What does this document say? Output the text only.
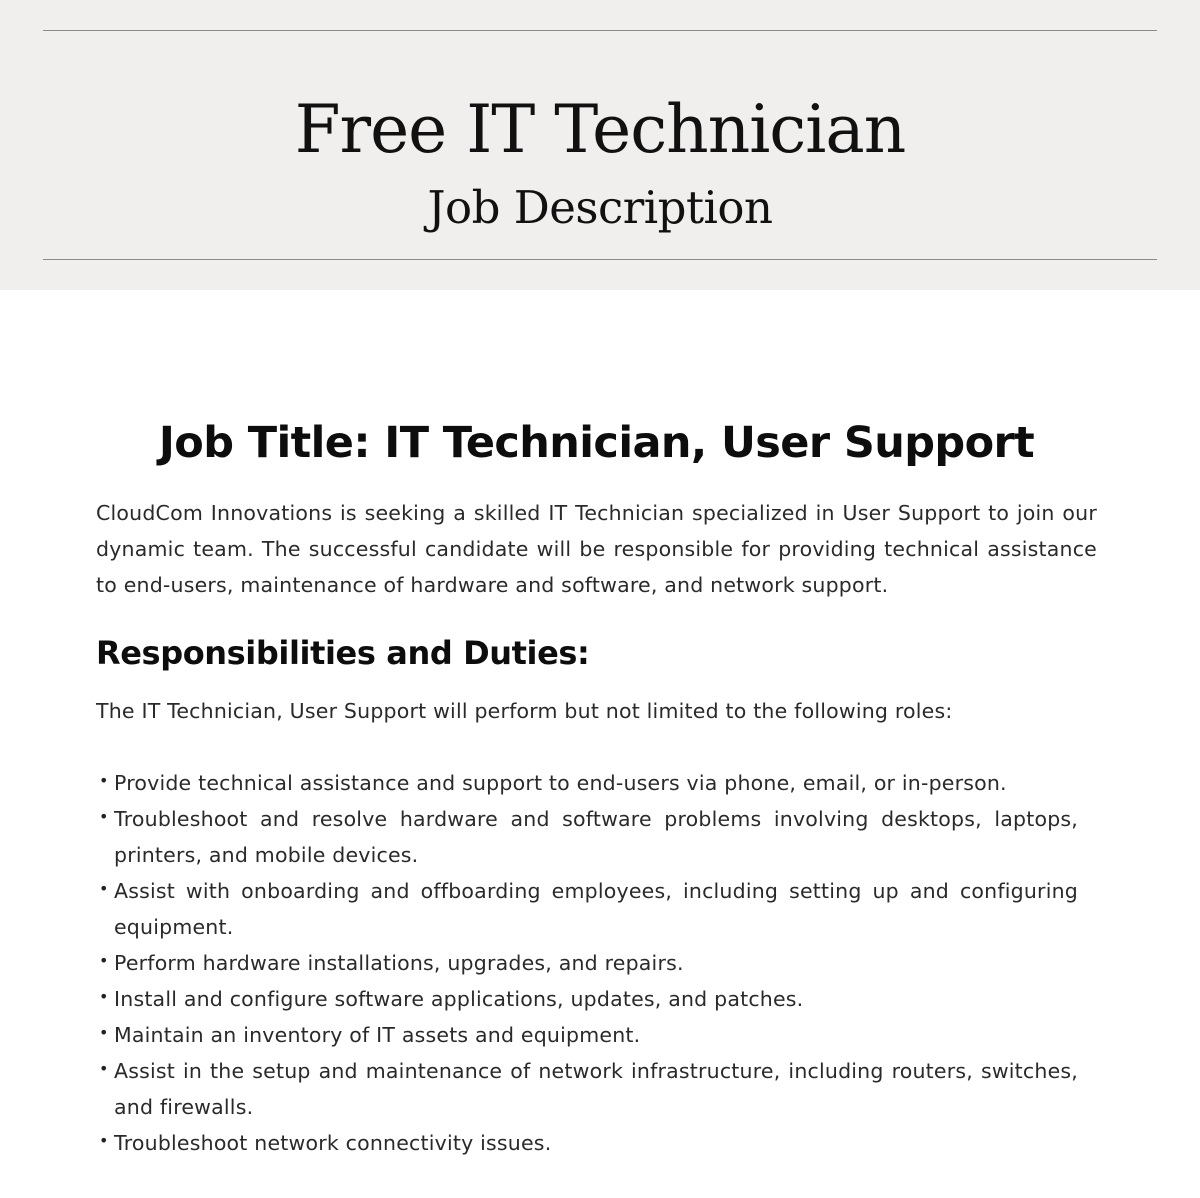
Free IT Technician
Job Description
Job Title: IT Technician, User Support

CloudCom Innovations is seeking a skilled IT Technician specialized in User Support to join our dynamic team. The successful candidate will be responsible for providing technical assistance to end-users, maintenance of hardware and software, and network support.

Responsibilities and Duties:

The IT Technician, User Support will perform but not limited to the following roles:

• Provide technical assistance and support to end-users via phone, email, or in-person.
• Troubleshoot and resolve hardware and software problems involving desktops, laptops, printers, and mobile devices.
• Assist with onboarding and offboarding employees, including setting up and configuring equipment.
• Perform hardware installations, upgrades, and repairs.
• Install and configure software applications, updates, and patches.
• Maintain an inventory of IT assets and equipment.
• Assist in the setup and maintenance of network infrastructure, including routers, switches, and firewalls.
• Troubleshoot network connectivity issues.
